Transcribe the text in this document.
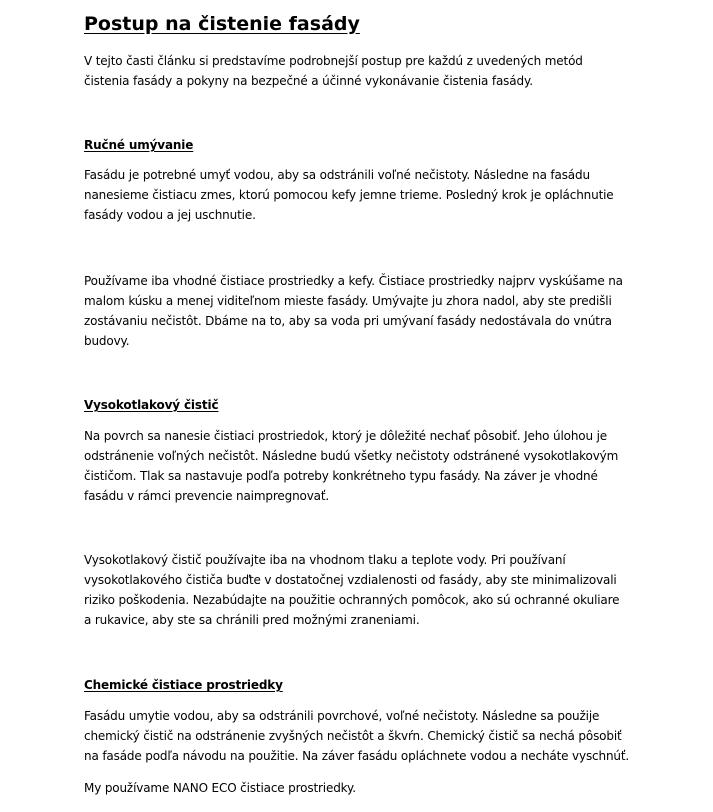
Postup na čistenie fasády

V tejto časti článku si predstavíme podrobnejší postup pre každú z uvedených metód
čistenia fasády a pokyny na bezpečné a účinné vykonávanie čistenia fasády.

Ručné umývanie

Fasádu je potrebné umyť vodou, aby sa odstránili voľné nečistoty. Následne na fasádu
nanesieme čistiacu zmes, ktorú pomocou kefy jemne trieme. Posledný krok je opláchnutie
fasády vodou a jej uschnutie.

Používame iba vhodné čistiace prostriedky a kefy. Čistiace prostriedky najprv vyskúšame na
malom kúsku a menej viditeľnom mieste fasády. Umývajte ju zhora nadol, aby ste predišli
zostávaniu nečistôt. Dbáme na to, aby sa voda pri umývaní fasády nedostávala do vnútra
budovy.

Vysokotlakový čistič

Na povrch sa nanesie čistiaci prostriedok, ktorý je dôležité nechať pôsobiť. Jeho úlohou je
odstránenie voľných nečistôt. Následne budú všetky nečistoty odstránené vysokotlakovým
čističom. Tlak sa nastavuje podľa potreby konkrétneho typu fasády. Na záver je vhodné
fasádu v rámci prevencie naimpregnovať.

Vysokotlakový čistič používajte iba na vhodnom tlaku a teplote vody. Pri používaní
vysokotlakového čističa buďte v dostatočnej vzdialenosti od fasády, aby ste minimalizovali
riziko poškodenia. Nezabúdajte na použitie ochranných pomôcok, ako sú ochranné okuliare
a rukavice, aby ste sa chránili pred možnými zraneniami.

Chemické čistiace prostriedky

Fasádu umytie vodou, aby sa odstránili povrchové, voľné nečistoty. Následne sa použije
chemický čistič na odstránenie zvyšných nečistôt a škvŕn. Chemický čistič sa nechá pôsobiť
na fasáde podľa návodu na použitie. Na záver fasádu opláchnete vodou a necháte vyschnúť.

My používame NANO ECO čistiace prostriedky.
